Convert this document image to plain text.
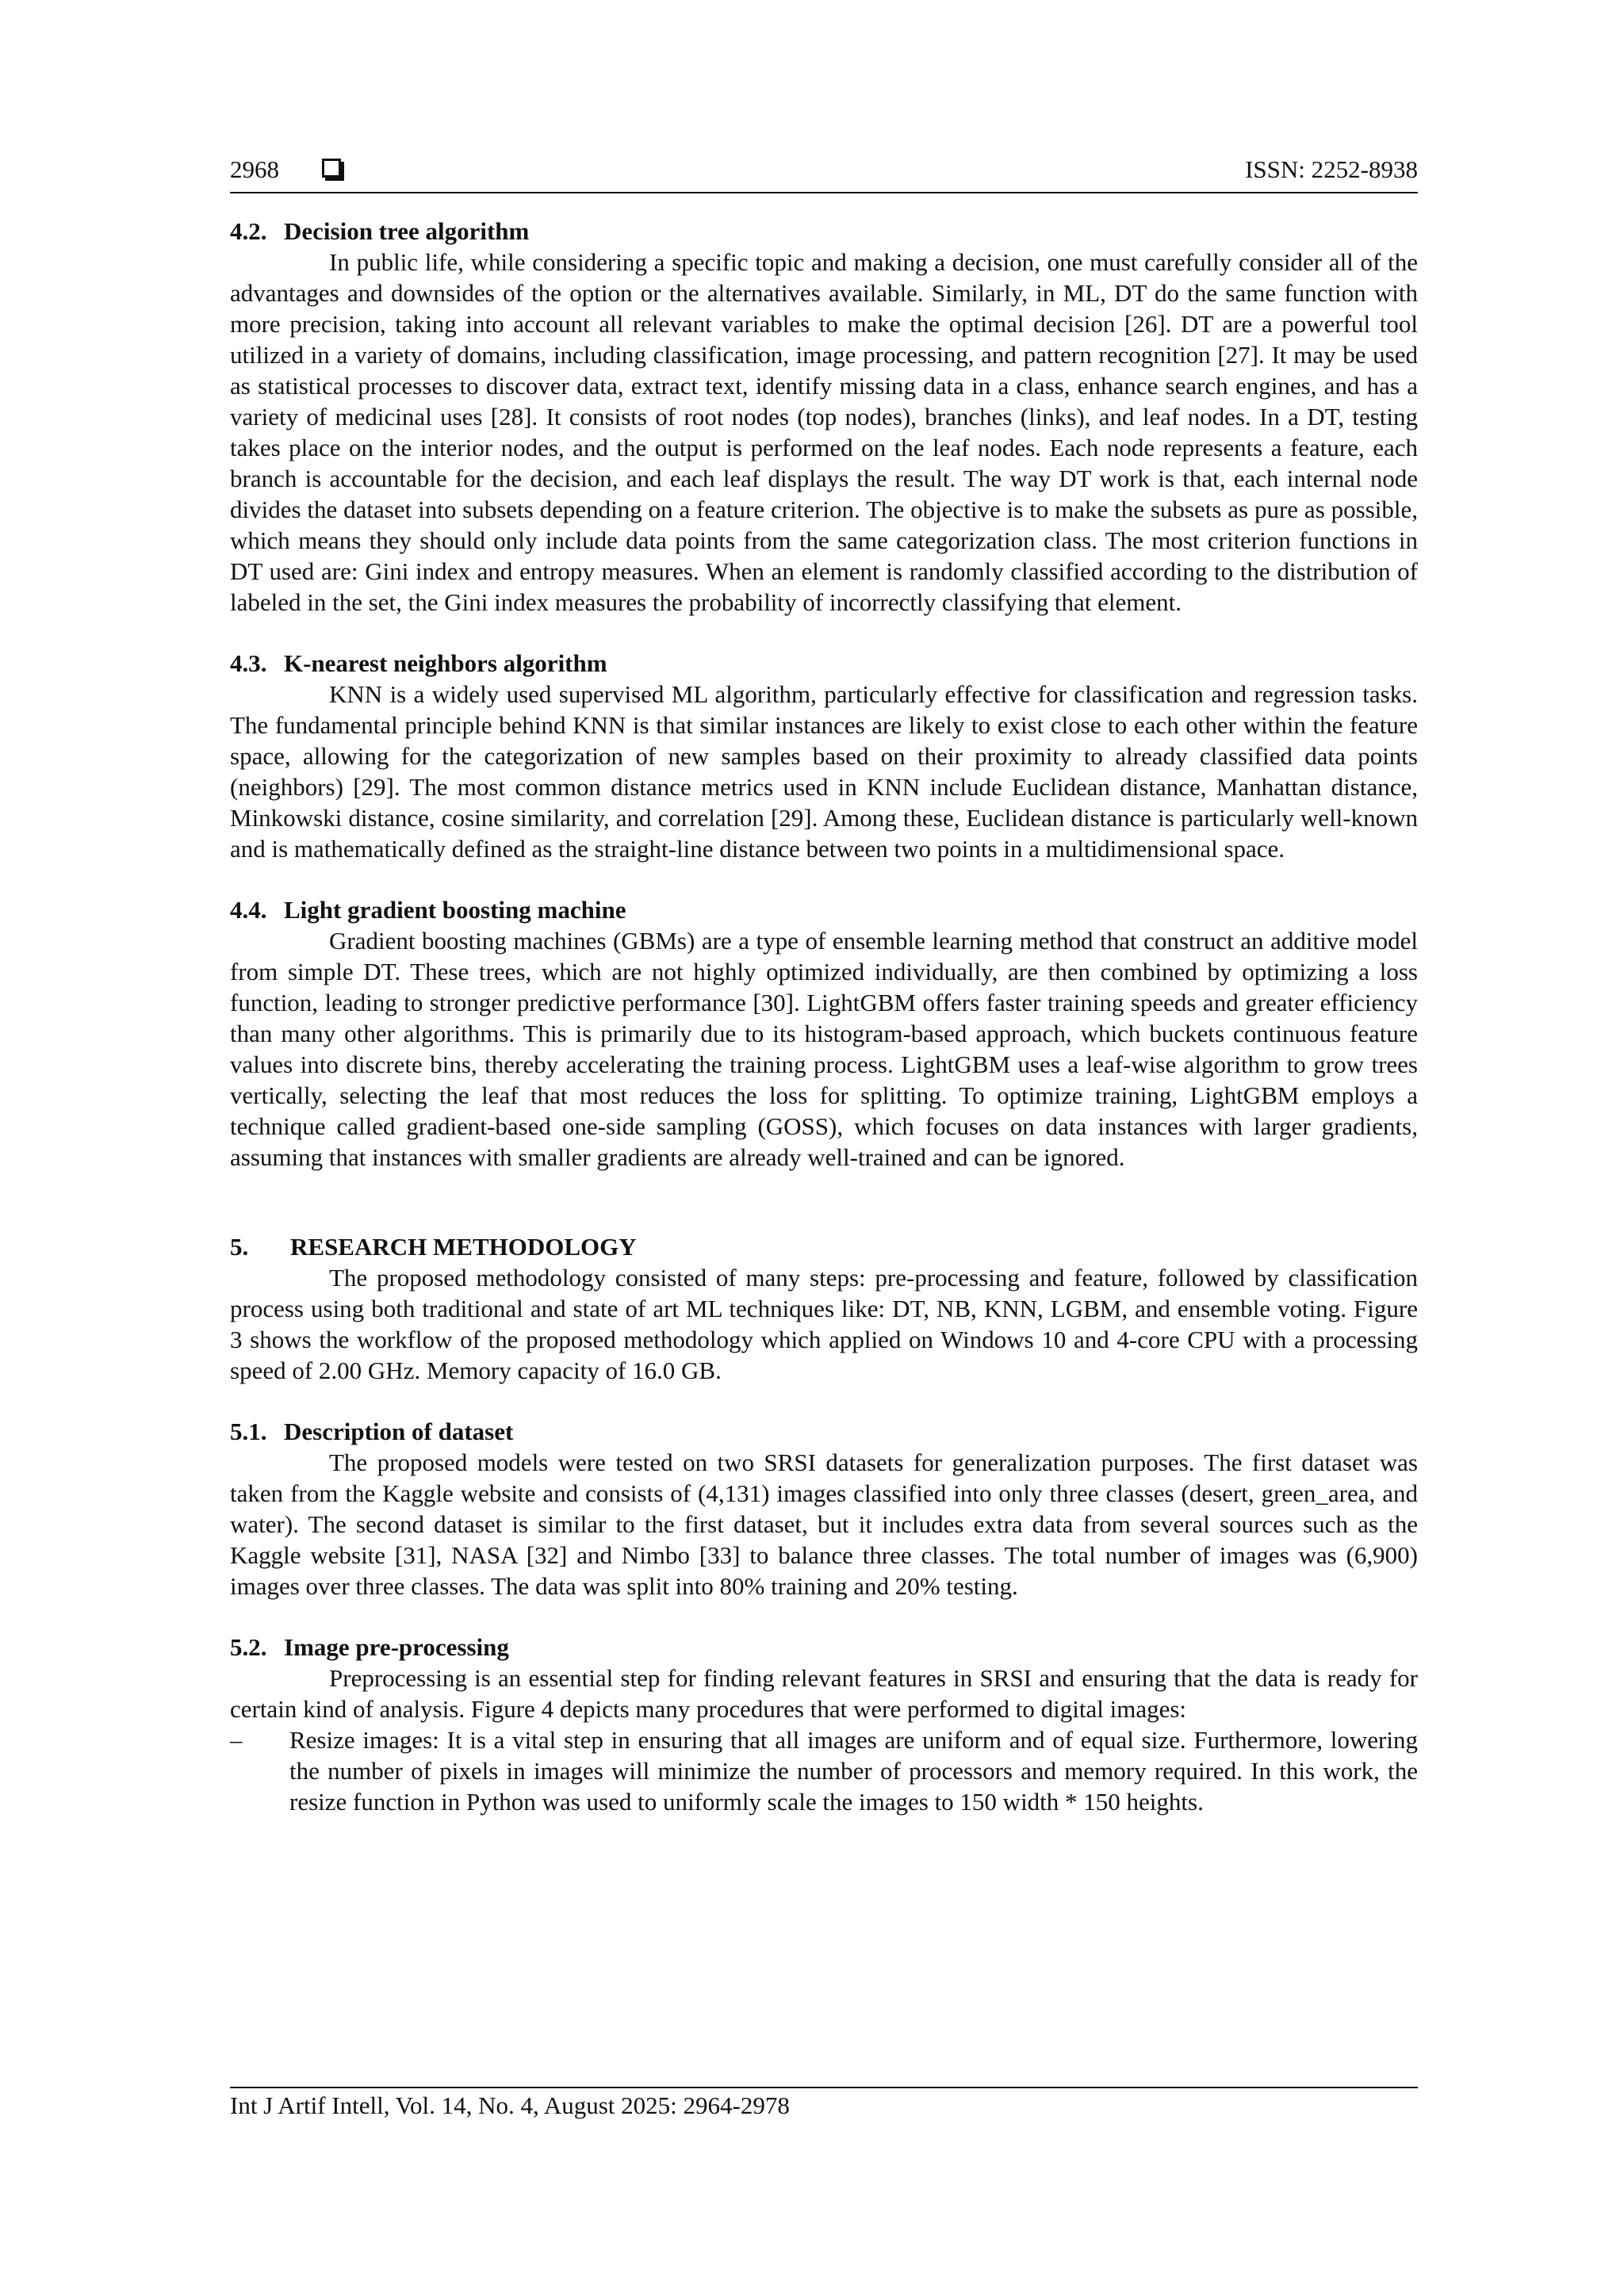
2968	ISSN: 2252-8938
4.2. Decision tree algorithm

In public life, while considering a specific topic and making a decision, one must carefully consider all of the advantages and downsides of the option or the alternatives available. Similarly, in ML, DT do the same function with more precision, taking into account all relevant variables to make the optimal decision [26]. DT are a powerful tool utilized in a variety of domains, including classification, image processing, and pattern recognition [27]. It may be used as statistical processes to discover data, extract text, identify missing data in a class, enhance search engines, and has a variety of medicinal uses [28]. It consists of root nodes (top nodes), branches (links), and leaf nodes. In a DT, testing takes place on the interior nodes, and the output is performed on the leaf nodes. Each node represents a feature, each branch is accountable for the decision, and each leaf displays the result. The way DT work is that, each internal node divides the dataset into subsets depending on a feature criterion. The objective is to make the subsets as pure as possible, which means they should only include data points from the same categorization class. The most criterion functions in DT used are: Gini index and entropy measures. When an element is randomly classified according to the distribution of labeled in the set, the Gini index measures the probability of incorrectly classifying that element.

4.3. K-nearest neighbors algorithm

KNN is a widely used supervised ML algorithm, particularly effective for classification and regression tasks. The fundamental principle behind KNN is that similar instances are likely to exist close to each other within the feature space, allowing for the categorization of new samples based on their proximity to already classified data points (neighbors) [29]. The most common distance metrics used in KNN include Euclidean distance, Manhattan distance, Minkowski distance, cosine similarity, and correlation [29]. Among these, Euclidean distance is particularly well-known and is mathematically defined as the straight-line distance between two points in a multidimensional space.

4.4. Light gradient boosting machine

Gradient boosting machines (GBMs) are a type of ensemble learning method that construct an additive model from simple DT. These trees, which are not highly optimized individually, are then combined by optimizing a loss function, leading to stronger predictive performance [30]. LightGBM offers faster training speeds and greater efficiency than many other algorithms. This is primarily due to its histogram-based approach, which buckets continuous feature values into discrete bins, thereby accelerating the training process. LightGBM uses a leaf-wise algorithm to grow trees vertically, selecting the leaf that most reduces the loss for splitting. To optimize training, LightGBM employs a technique called gradient-based one-side sampling (GOSS), which focuses on data instances with larger gradients, assuming that instances with smaller gradients are already well-trained and can be ignored.

5. RESEARCH METHODOLOGY

The proposed methodology consisted of many steps: pre-processing and feature, followed by classification process using both traditional and state of art ML techniques like: DT, NB, KNN, LGBM, and ensemble voting. Figure 3 shows the workflow of the proposed methodology which applied on Windows 10 and 4-core CPU with a processing speed of 2.00 GHz. Memory capacity of 16.0 GB.

5.1. Description of dataset

The proposed models were tested on two SRSI datasets for generalization purposes. The first dataset was taken from the Kaggle website and consists of (4,131) images classified into only three classes (desert, green_area, and water). The second dataset is similar to the first dataset, but it includes extra data from several sources such as the Kaggle website [31], NASA [32] and Nimbo [33] to balance three classes. The total number of images was (6,900) images over three classes. The data was split into 80% training and 20% testing.

5.2. Image pre-processing

Preprocessing is an essential step for finding relevant features in SRSI and ensuring that the data is ready for certain kind of analysis. Figure 4 depicts many procedures that were performed to digital images:

– Resize images: It is a vital step in ensuring that all images are uniform and of equal size. Furthermore, lowering the number of pixels in images will minimize the number of processors and memory required. In this work, the resize function in Python was used to uniformly scale the images to 150 width * 150 heights.
Int J Artif Intell, Vol. 14, No. 4, August 2025: 2964-2978
